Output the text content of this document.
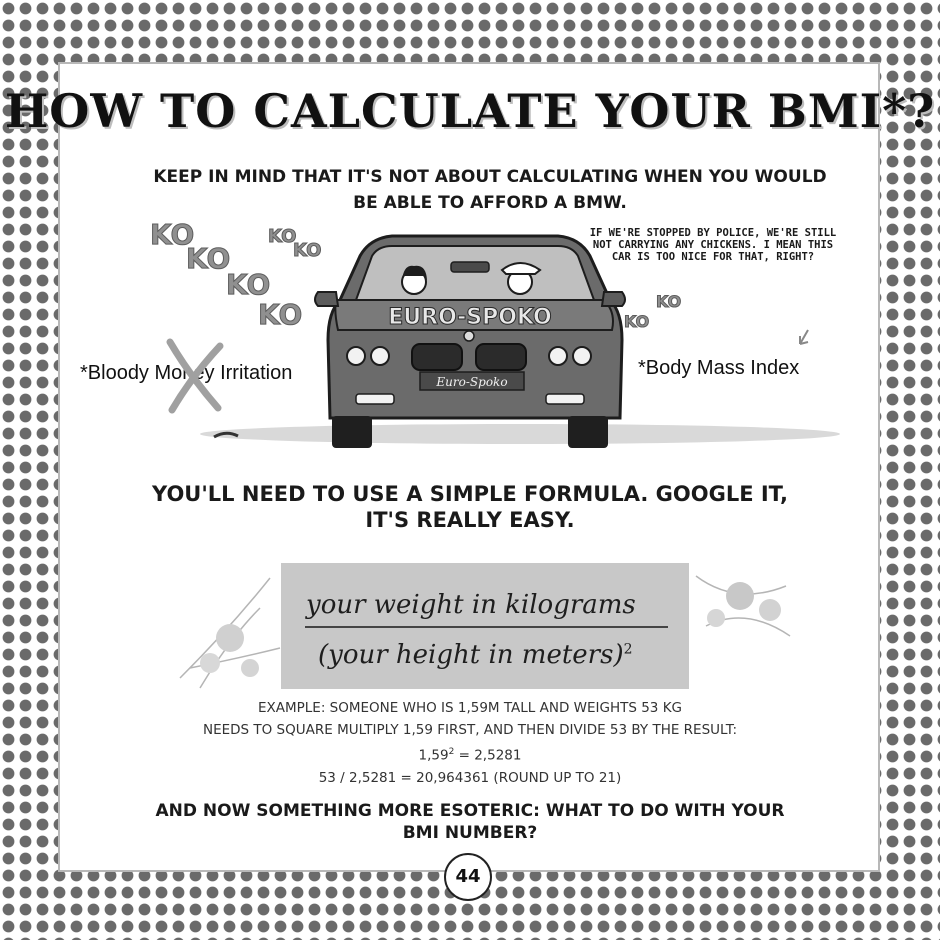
HOW TO CALCULATE YOUR BMI*?
KEEP IN MIND THAT IT'S NOT ABOUT CALCULATING WHEN YOU WOULD BE ABLE TO AFFORD A BMW.
KO	KO
KO
KO
KO
KO	KO
KO
IF WE'RE STOPPED BY POLICE, WE'RE STILL NOT CARRYING ANY CHICKENS. I MEAN THIS CAR IS TOO NICE FOR THAT, RIGHT?
EURO-SPOKO
Euro-Spoko
*Bloody Money Irritation	*Body Mass Index
YOU'LL NEED TO USE A SIMPLE FORMULA. GOOGLE IT, IT'S REALLY EASY.
your weight in kilograms
(your height in meters)$^2$
EXAMPLE: SOMEONE WHO IS 1,59M TALL AND WEIGHTS 53 KG
NEEDS TO SQUARE MULTIPLY 1,59 FIRST, AND THEN DIVIDE 53 BY THE RESULT:
$1,59^2 = 2,5281$
53 / 2,5281 = 20,964361 (ROUND UP TO 21)
AND NOW SOMETHING MORE ESOTERIC: WHAT TO DO WITH YOUR BMI NUMBER?
44
